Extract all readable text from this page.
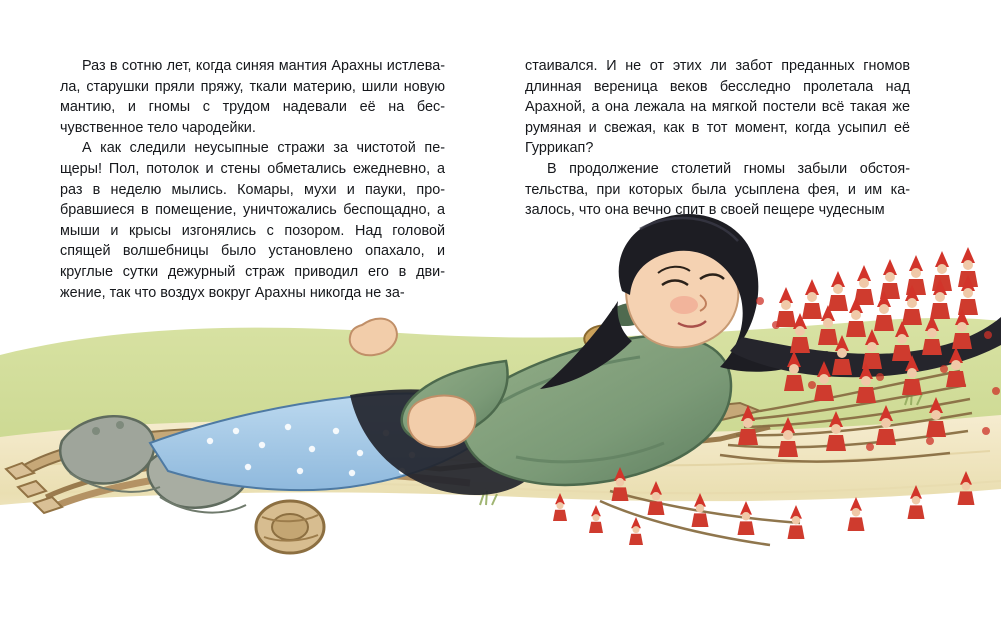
Раз в сотню лет, когда синяя мантия Арахны истлевала, старушки пряли пряжу, ткали материю, шили новую мантию, и гномы с трудом надевали её на бесчувственное тело чародейки.

А как следили неусыпные стражи за чистотой пещеры! Пол, потолок и стены обметались ежедневно, а раз в неделю мылись. Комары, мухи и пауки, пробравшиеся в помещение, уничтожались беспощадно, а мыши и крысы изгонялись с позором. Над головой спящей волшебницы было установлено опахало, и круглые сутки дежурный страж приводил его в движение, так что воздух вокруг Арахны никогда не за-

стаивался. И не от этих ли забот преданных гномов длинная вереница веков бесследно пролетала над Арахной, а она лежала на мягкой постели всё такая же румяная и свежая, как в тот момент, когда усыпил её Гуррикап?

В продолжение столетий гномы забыли обстоятельства, при которых была усыплена фея, и им казалось, что она вечно спит в своей пещере чудесным
